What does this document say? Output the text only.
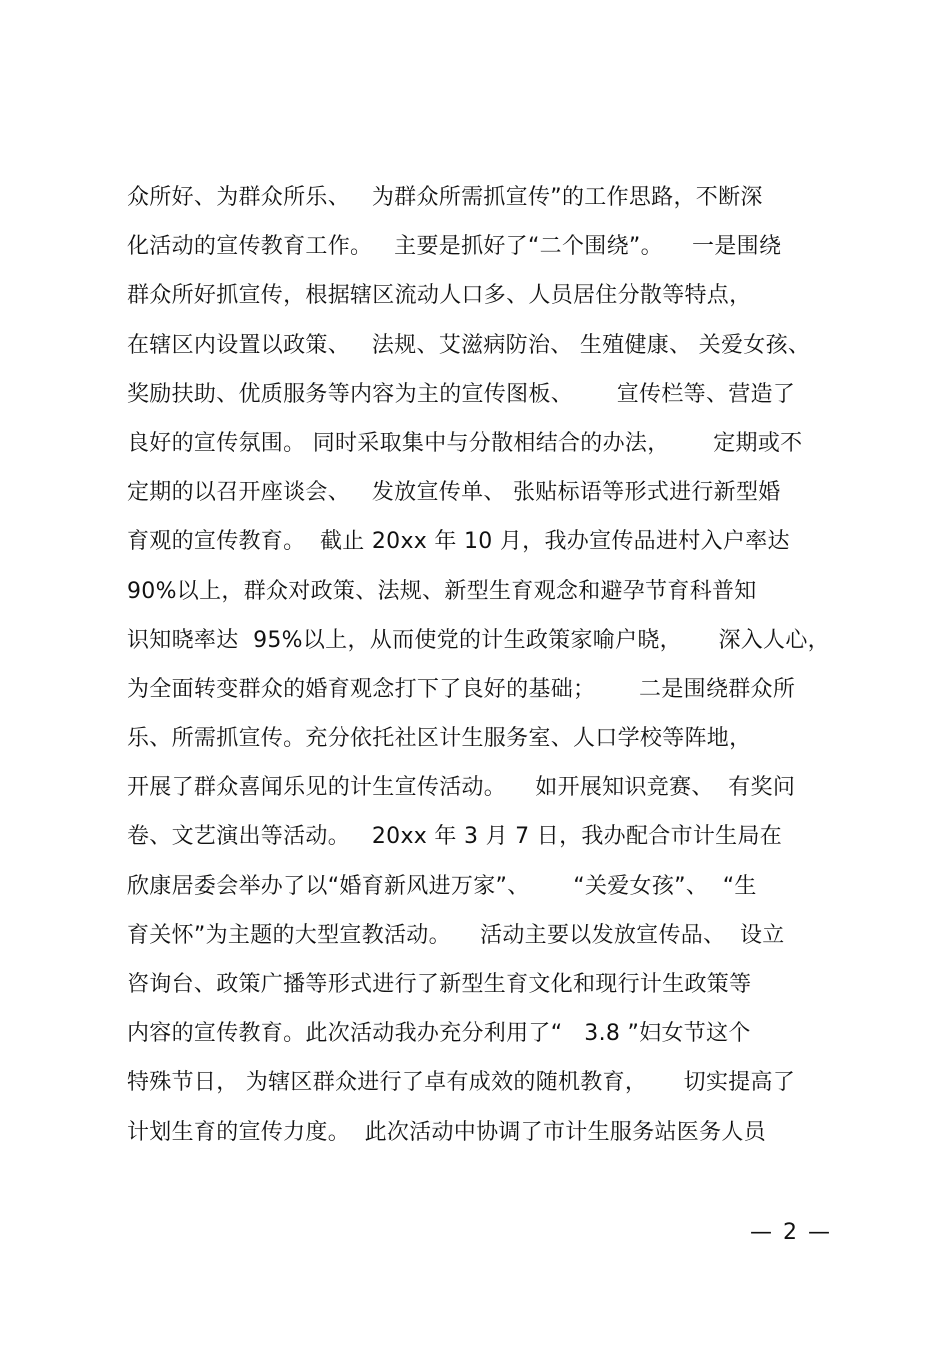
众所好、为群众所乐、   为群众所需抓宣传”的工作思路，不断深
化活动的宣传教育工作。   主要是抓好了“二个围绕”。    一是围绕
群众所好抓宣传，根据辖区流动人口多、人员居住分散等特点，
在辖区内设置以政策、   法规、艾滋病防治、 生殖健康、 关爱女孩、
奖励扶助、优质服务等内容为主的宣传图板、      宣传栏等、营造了
良好的宣传氛围。 同时采取集中与分散相结合的办法，      定期或不
定期的以召开座谈会、   发放宣传单、 张贴标语等形式进行新型婚
育观的宣传教育。  截止 20xx 年 10 月，我办宣传品进村入户率达
90%以上，群众对政策、法规、新型生育观念和避孕节育科普知
识知晓率达  95%以上，从而使党的计生政策家喻户晓，     深入人心，
为全面转变群众的婚育观念打下了良好的基础；      二是围绕群众所
乐、所需抓宣传。充分依托社区计生服务室、人口学校等阵地，
开展了群众喜闻乐见的计生宣传活动。    如开展知识竞赛、  有奖问
卷、文艺演出等活动。   20xx 年 3 月 7 日，我办配合市计生局在
欣康居委会举办了以“婚育新风进万家”、      “关爱女孩”、  “生
育关怀”为主题的大型宣教活动。    活动主要以发放宣传品、  设立
咨询台、政策广播等形式进行了新型生育文化和现行计生政策等
内容的宣传教育。此次活动我办充分利用了“   3.8 ”妇女节这个
特殊节日， 为辖区群众进行了卓有成效的随机教育，     切实提高了
计划生育的宣传力度。  此次活动中协调了市计生服务站医务人员
— 2 —
